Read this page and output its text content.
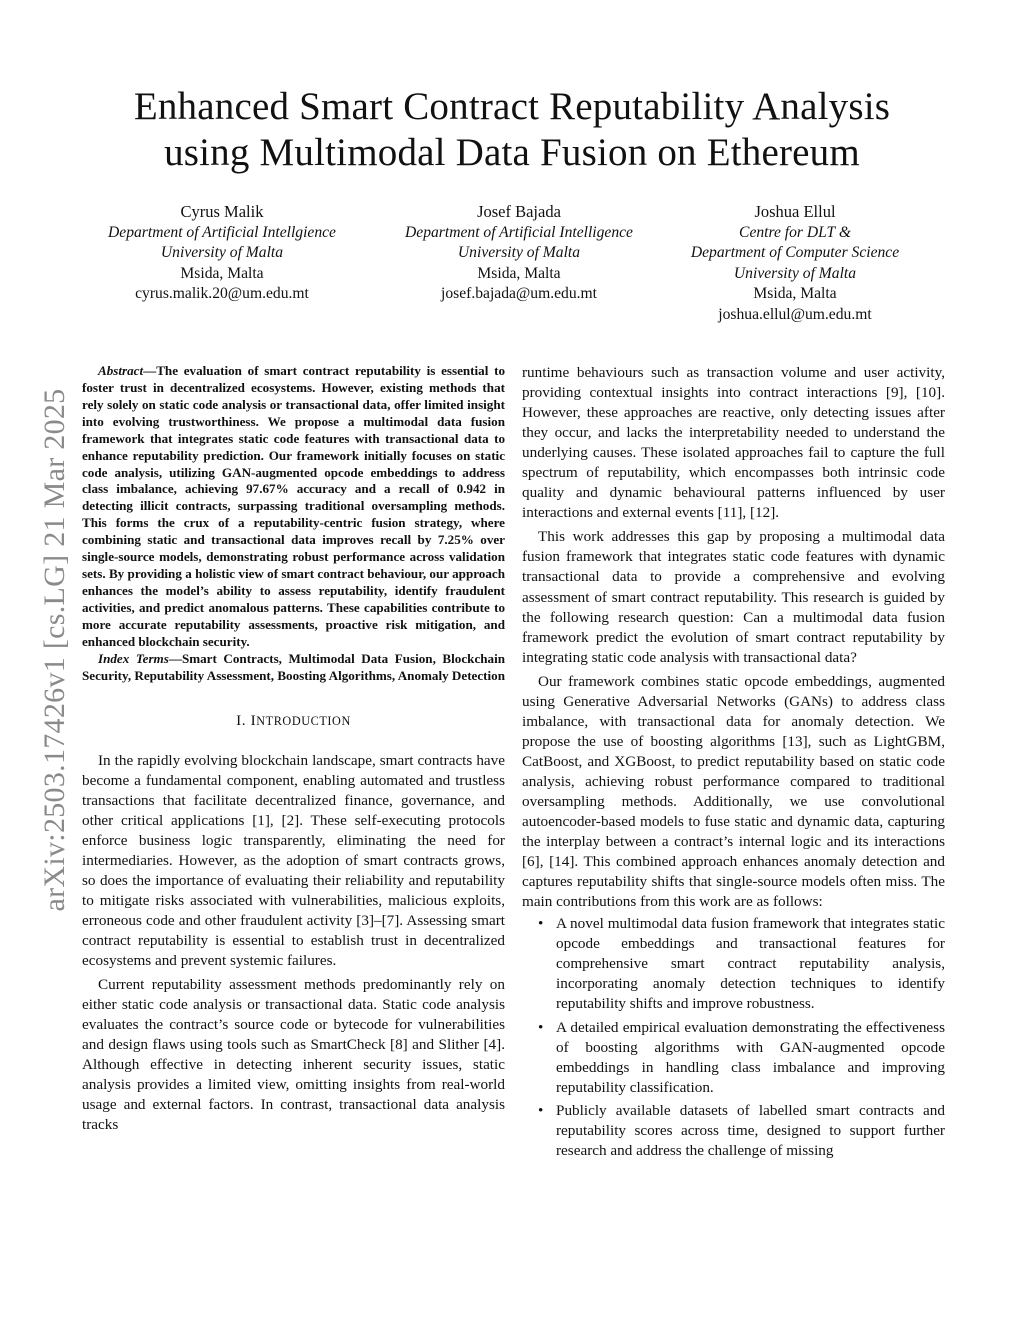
Enhanced Smart Contract Reputability Analysis
using Multimodal Data Fusion on Ethereum
Cyrus Malik
Department of Artificial Intellgience
University of Malta
Msida, Malta
cyrus.malik.20@um.edu.mt
Josef Bajada
Department of Artificial Intelligence
University of Malta
Msida, Malta
josef.bajada@um.edu.mt
Joshua Ellul
Centre for DLT &
Department of Computer Science
University of Malta
Msida, Malta
joshua.ellul@um.edu.mt
arXiv:2503.17426v1 [cs.LG] 21 Mar 2025

Abstract—The evaluation of smart contract reputability is essential to foster trust in decentralized ecosystems. However, existing methods that rely solely on static code analysis or transactional data, offer limited insight into evolving trustworthiness. We propose a multimodal data fusion framework that integrates static code features with transactional data to enhance reputability prediction. Our framework initially focuses on static code analysis, utilizing GAN-augmented opcode embeddings to address class imbalance, achieving 97.67% accuracy and a recall of 0.942 in detecting illicit contracts, surpassing traditional oversampling methods. This forms the crux of a reputability-centric fusion strategy, where combining static and transactional data improves recall by 7.25% over single-source models, demonstrating robust performance across validation sets. By providing a holistic view of smart contract behaviour, our approach enhances the model’s ability to assess reputability, identify fraudulent activities, and predict anomalous patterns. These capabilities contribute to more accurate reputability assessments, proactive risk mitigation, and enhanced blockchain security.

Index Terms—Smart Contracts, Multimodal Data Fusion, Blockchain Security, Reputability Assessment, Boosting Algorithms, Anomaly Detection

I. INTRODUCTION

In the rapidly evolving blockchain landscape, smart contracts have become a fundamental component, enabling automated and trustless transactions that facilitate decentralized finance, governance, and other critical applications [1], [2]. These self-executing protocols enforce business logic transparently, eliminating the need for intermediaries. However, as the adoption of smart contracts grows, so does the importance of evaluating their reliability and reputability to mitigate risks associated with vulnerabilities, malicious exploits, erroneous code and other fraudulent activity [3]–[7]. Assessing smart contract reputability is essential to establish trust in decentralized ecosystems and prevent systemic failures.

Current reputability assessment methods predominantly rely on either static code analysis or transactional data. Static code analysis evaluates the contract’s source code or bytecode for vulnerabilities and design flaws using tools such as SmartCheck [8] and Slither [4]. Although effective in detecting inherent security issues, static analysis provides a limited view, omitting insights from real-world usage and external factors. In contrast, transactional data analysis tracks

runtime behaviours such as transaction volume and user activity, providing contextual insights into contract interactions [9], [10]. However, these approaches are reactive, only detecting issues after they occur, and lacks the interpretability needed to understand the underlying causes. These isolated approaches fail to capture the full spectrum of reputability, which encompasses both intrinsic code quality and dynamic behavioural patterns influenced by user interactions and external events [11], [12].

This work addresses this gap by proposing a multimodal data fusion framework that integrates static code features with dynamic transactional data to provide a comprehensive and evolving assessment of smart contract reputability. This research is guided by the following research question: Can a multimodal data fusion framework predict the evolution of smart contract reputability by integrating static code analysis with transactional data?

Our framework combines static opcode embeddings, augmented using Generative Adversarial Networks (GANs) to address class imbalance, with transactional data for anomaly detection. We propose the use of boosting algorithms [13], such as LightGBM, CatBoost, and XGBoost, to predict reputability based on static code analysis, achieving robust performance compared to traditional oversampling methods. Additionally, we use convolutional autoencoder-based models to fuse static and dynamic data, capturing the interplay between a contract’s internal logic and its interactions [6], [14]. This combined approach enhances anomaly detection and captures reputability shifts that single-source models often miss. The main contributions from this work are as follows:

• A novel multimodal data fusion framework that integrates static opcode embeddings and transactional features for comprehensive smart contract reputability analysis, incorporating anomaly detection techniques to identify reputability shifts and improve robustness.
• A detailed empirical evaluation demonstrating the effectiveness of boosting algorithms with GAN-augmented opcode embeddings in handling class imbalance and improving reputability classification.
• Publicly available datasets of labelled smart contracts and reputability scores across time, designed to support further research and address the challenge of missing
